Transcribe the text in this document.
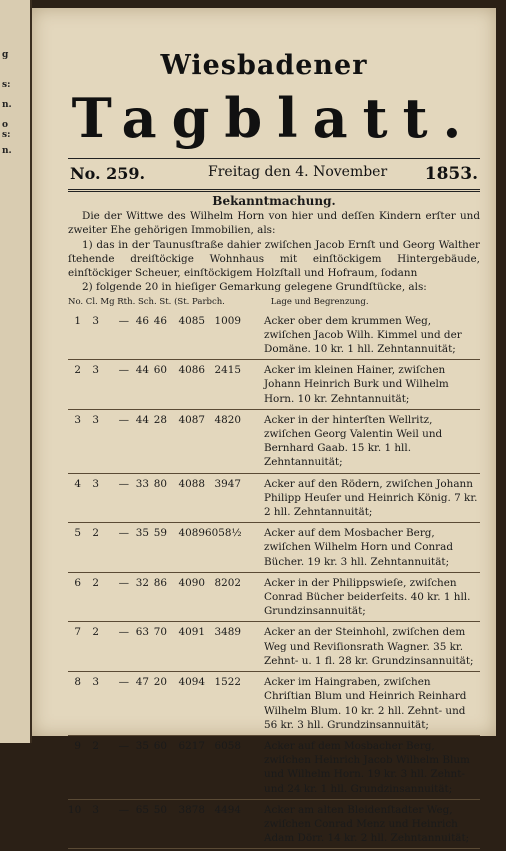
g
s:
n.
o
s:
n.
Wiesbadener
Tagblatt.
No. 259.	Freitag den 4. November 1853.
Bekanntmachung.

Die der Wittwe des Wilhelm Horn von hier und deſſen Kindern erſter und zweiter Ehe gehörigen Immobilien, als:

1) das in der Taunusſtraße dahier zwiſchen Jacob Ernſt und Georg Walther ſtehende dreiſtöckige Wohnhaus mit einſtöckigem Hintergebäude, einſtöckiger Scheuer, einſtöckigem Holzſtall und Hofraum, ſodann

2) folgende 20 in hieſiger Gemarkung gelegene Grundſtücke, als:

No. Cl. Mg Rth. Sch. St. (St. Parbch.	Lage und Begrenzung.
1	3	— 46 46	4085 1009	Acker ober dem krummen Weg, zwiſchen Jacob Wilh. Kimmel und der Domäne. 10 kr. 1 hll. Zehntannuität;
2	3	— 44 60	4086 2415	Acker im kleinen Hainer, zwiſchen Johann Heinrich Burk und Wilhelm Horn. 10 kr. Zehntannuität;
3	3	— 44 28	4087 4820	Acker in der hinterſten Wellritz, zwiſchen Georg Valentin Weil und Bernhard Gaab. 15 kr. 1 hll. Zehntannuität;
4	3	— 33 80	4088 3947	Acker auf den Rödern, zwiſchen Johann Philipp Heuſer und Heinrich König. 7 kr. 2 hll. Zehntannuität;
5	2	— 35 59	4089 6058½	Acker auf dem Mosbacher Berg, zwiſchen Wilhelm Horn und Conrad Bücher. 19 kr. 3 hll. Zehntannuität;
6	2	— 32 86	4090 8202	Acker in der Philippswieſe, zwiſchen Conrad Bücher beiderſeits. 40 kr. 1 hll. Grundzinsannuität;
7	2	— 63 70	4091 3489	Acker an der Steinhohl, zwiſchen dem Weg und Reviſionsrath Wagner. 35 kr. Zehnt- u. 1 fl. 28 kr. Grundzinsannuität;
8	3	— 47 20	4094 1522	Acker im Haingraben, zwiſchen Chriſtian Blum und Heinrich Reinhard Wilhelm Blum. 10 kr. 2 hll. Zehnt- und 56 kr. 3 hll. Grundzinsannuität;
9	2	— 35 60	6217 6058	Acker auf dem Mosbacher Berg, zwiſchen Heinrich Jacob Wilhelm Blum und Wilhelm Horn. 19 kr. 3 hll. Zehnt- und 24 kr. 1 hll. Grundzinsannuität;
10	3	— 65 50	3878 4494	Acker am alten Bleidenſtadter Weg, zwiſchen Conrad Menz und Heinrich Adam Dörr. 14 kr. 2 hll. Zehntannuität;
